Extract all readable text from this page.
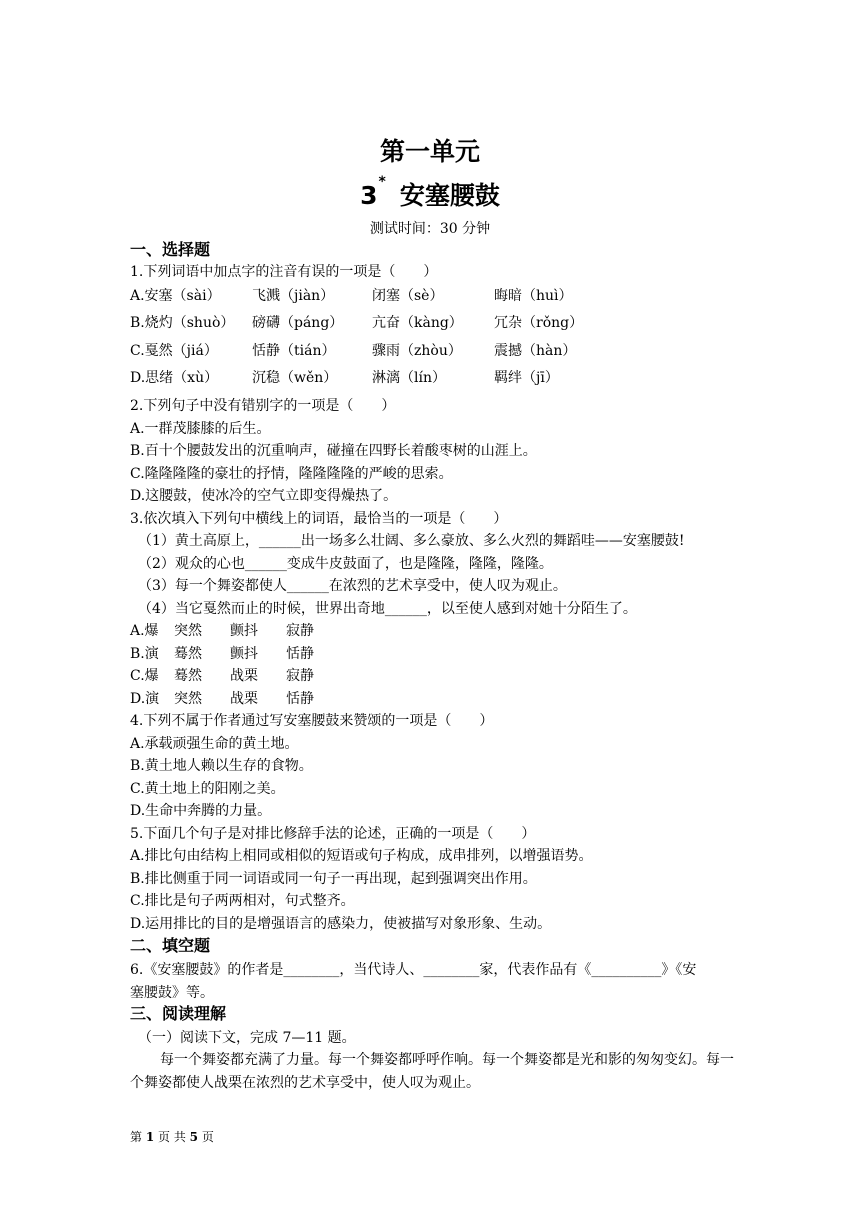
第一单元
3* 安塞腰鼓
测试时间：30 分钟
一、选择题
1.下列词语中加点字的注音有误的一项是（　　）
A.安塞（sài） 飞溅（jiàn）	闭塞（sè）	晦暗（huì）
B.烧灼（shuò） 磅礴（páng） 亢奋（kàng） 冗杂（rǒng）
C.戛然（jiá） 恬静（tián）	骤雨（zhòu） 震撼（hàn）
D.思绪（xù） 沉稳（wěn） 淋漓（lín）	羁绊（jī）
2.下列句子中没有错别字的一项是（　　）
A.一群茂膝膝的后生。
B.百十个腰鼓发出的沉重响声，碰撞在四野长着酸枣树的山涯上。
C.隆隆隆隆的豪壮的抒情，隆隆隆隆的严峻的思索。
D.这腰鼓，使冰冷的空气立即变得燥热了。
3.依次填入下列句中横线上的词语，最恰当的一项是（　　）
（1）黄土高原上，______出一场多么壮阔、多么豪放、多么火烈的舞蹈哇——安塞腰鼓!
（2）观众的心也______变成牛皮鼓面了，也是隆隆，隆隆，隆隆。
（3）每一个舞姿都使人______在浓烈的艺术享受中，使人叹为观止。
（4）当它戛然而止的时候，世界出奇地______，以至使人感到对她十分陌生了。
A.爆 突然 颤抖 寂静
B.演 蓦然 颤抖 恬静
C.爆 蓦然 战栗 寂静
D.演 突然 战栗 恬静
4.下列不属于作者通过写安塞腰鼓来赞颂的一项是（　　）
A.承载顽强生命的黄土地。
B.黄土地人赖以生存的食物。
C.黄土地上的阳刚之美。
D.生命中奔腾的力量。
5.下面几个句子是对排比修辞手法的论述，正确的一项是（　　）
A.排比句由结构上相同或相似的短语或句子构成，成串排列，以增强语势。
B.排比侧重于同一词语或同一句子一再出现，起到强调突出作用。
C.排比是句子两两相对，句式整齐。
D.运用排比的目的是增强语言的感染力，使被描写对象形象、生动。
二、填空题
6.《安塞腰鼓》的作者是________，当代诗人、________家，代表作品有《__________》《安
塞腰鼓》等。
三、阅读理解
（一）阅读下文，完成 7—11 题。
每一个舞姿都充满了力量。每一个舞姿都呼呼作响。每一个舞姿都是光和影的匆匆变幻。每一个舞姿都使人战栗在浓烈的艺术享受中，使人叹为观止。
第 1 页 共 5 页
